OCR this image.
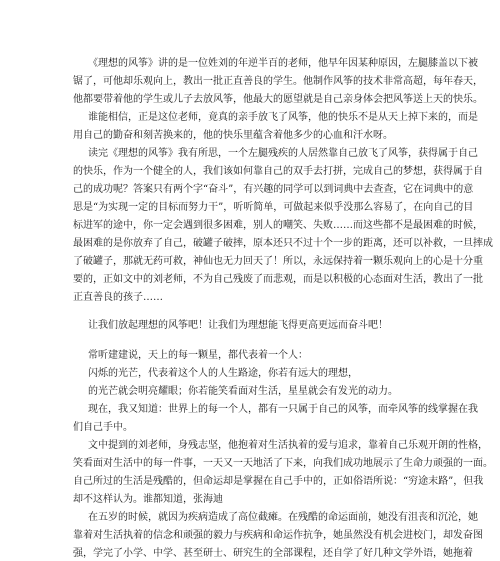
《理想的风筝》讲的是一位姓刘的年逆半百的老师，他早年因某种原因，左腿膝盖以下被
锯了，可他却乐观向上，教出一批正直善良的学生。他制作风筝的技术非常高超，每年春天，
他都要带着他的学生或儿子去放风筝，他最大的愿望就是自己亲身体会把风筝送上天的快乐。
谁能相信，正是这位老师，竟真的亲手放飞了风筝，他的快乐不是从天上掉下来的，而是
用自己的勤奋和刻苦换来的，他的快乐里蕴含着他多少的心血和汗水呀。
读完《理想的风筝》我有所思，一个左腿残疾的人居然靠自己放飞了风筝，获得属于自己
的快乐，作为一个健全的人，我们该如何靠自己的双手去打拼，完成自己的梦想，获得属于自
己的成功呢？答案只有两个字“奋斗”，有兴趣的同学可以到词典中去查查，它在词典中的意
思是“为实现一定的目标而努力干”，听听简单，可做起来似乎没那么容易了，在向自己的目
标进军的途中，你一定会遇到很多困难，别人的嘲笑、失败……而这些都不是最困难的时候，
最困难的是你放弃了自己，破罐子破摔，原本还只不过十个一步的距离，还可以补救，一旦摔成
了破罐子，那就无药可救，神仙也无力回天了！所以，永远保持着一颗乐观向上的心是十分重
要的，正如文中的刘老师，不为自己残废了而悲观，而是以积极的心态面对生活，教出了一批
正直善良的孩子……
让我们放起理想的风筝吧！让我们为理想能飞得更高更远而奋斗吧！
常听建建说，天上的每一颗星，都代表着一个人：
闪烁的光芒，代表着这个人的人生路途，你若有远大的理想，
的光芒就会明亮耀眼；你若能笑看面对生活，星星就会有发光的动力。
现在，我又知道：世界上的每一个人，都有一只属于自己的风筝，而牵风筝的线掌握在我
们自己手中。
文中提到的刘老师，身残志坚，他抱着对生活执着的爱与追求，靠着自己乐观开朗的性格，
笑看面对生活中的每一件事，一天又一天地活了下来，向我们成功地展示了生命力顽强的一面。
自己所过的生活是残酷的，但命运却是掌握在自己手中的，正如俗语所说：“穷途末路”，但我
却不这样认为。谁都知道，张海迪
在五岁的时候，就因为疾病造成了高位截瘫。在残酷的命运面前，她没有沮丧和沉沦，她
靠着对生活执着的信念和顽强的毅力与疾病和命运作抗争，她虽然没有机会进校门，却发奋图
强，学完了小学、中学、甚至研士、研究生的全部课程，还自学了好几种文学外语，她拖着
